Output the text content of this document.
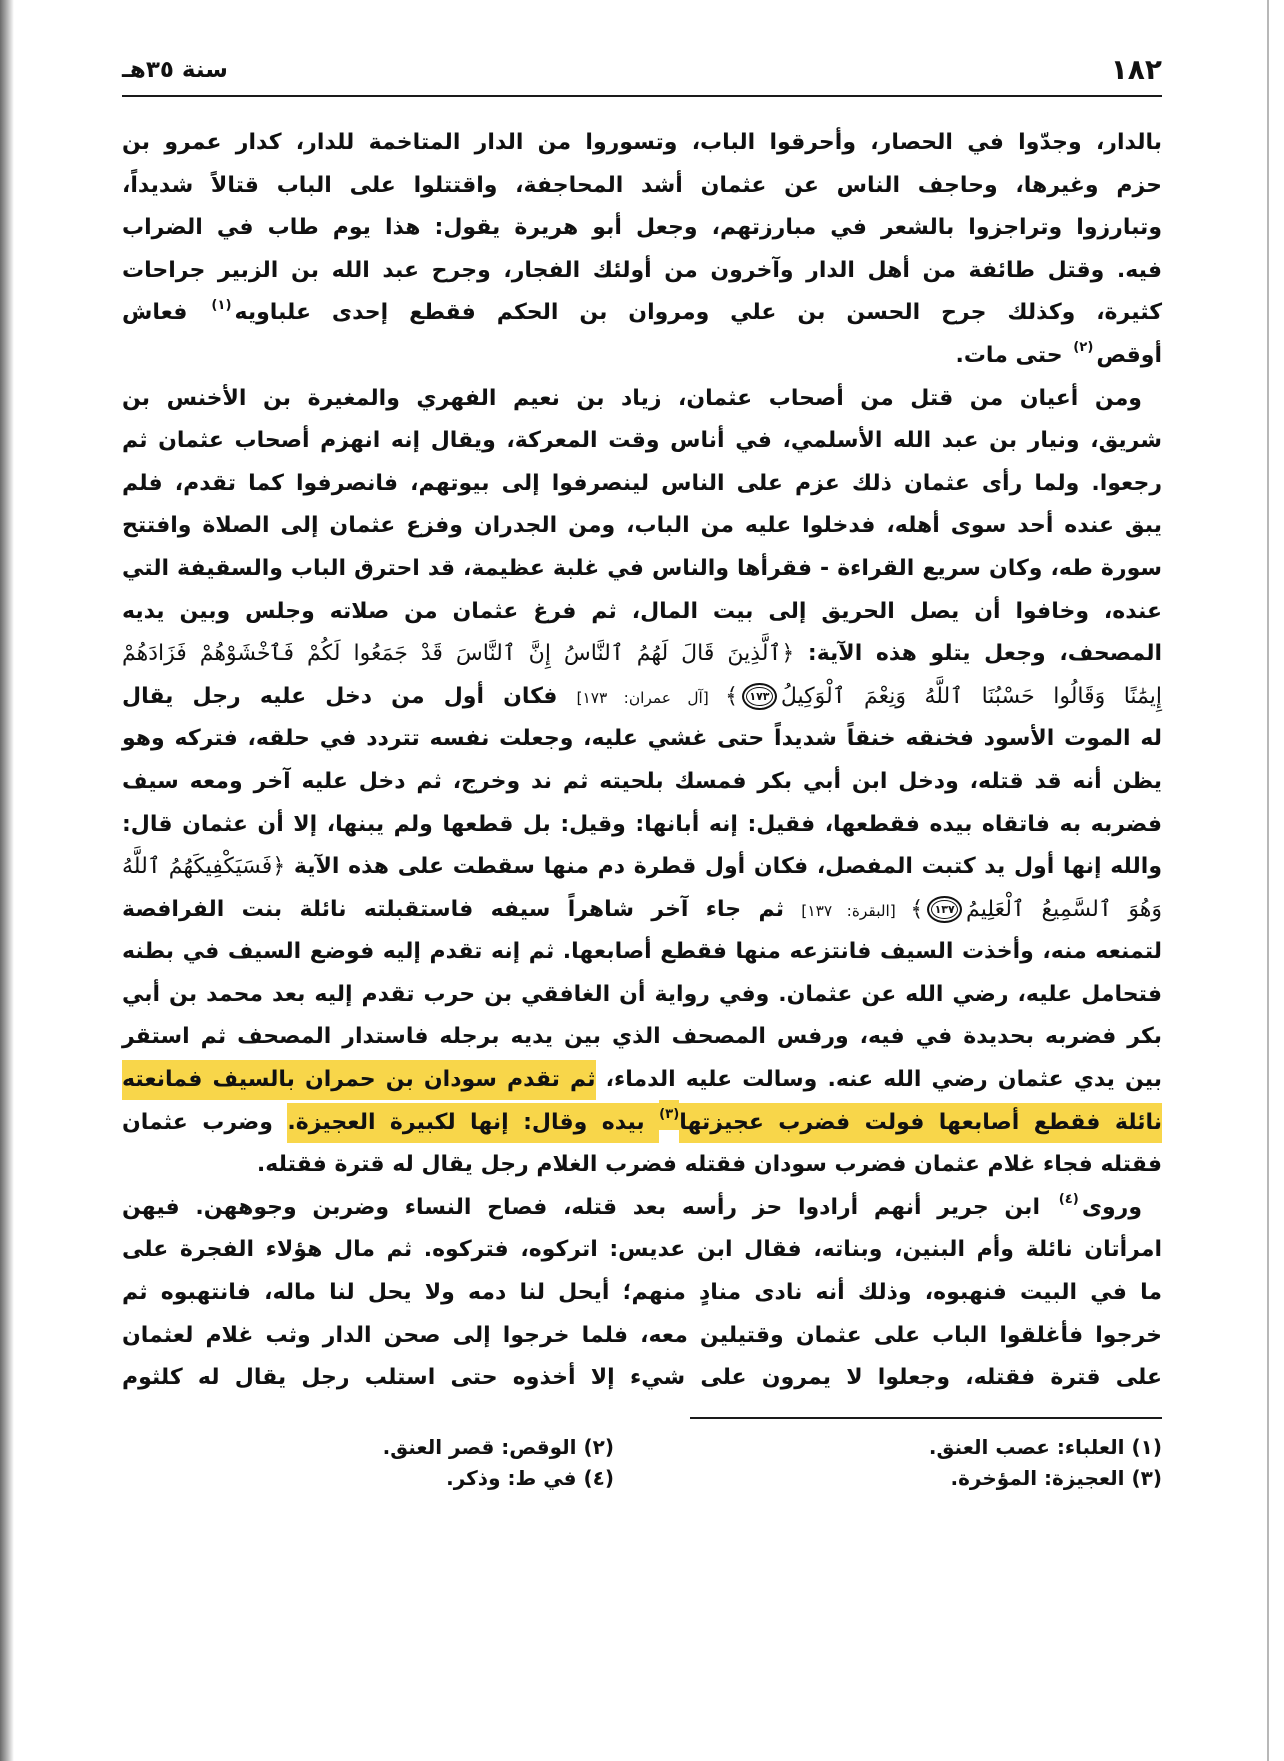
١٨٢
سنة ٣٥هـ
بالدار، وجدّوا في الحصار، وأحرقوا الباب، وتسوروا من الدار المتاخمة للدار، كدار عمرو بن
حزم وغيرها، وحاجف الناس عن عثمان أشد المحاجفة، واقتتلوا على الباب قتالاً شديداً،
وتبارزوا وتراجزوا بالشعر في مبارزتهم، وجعل أبو هريرة يقول: هذا يوم طاب في الضراب
فيه. وقتل طائفة من أهل الدار وآخرون من أولئك الفجار، وجرح عبد الله بن الزبير جراحات
كثيرة، وكذلك جرح الحسن بن علي ومروان بن الحكم فقطع إحدى علباويه$^{(١)}$ فعاش
أوقص$^{(٢)}$ حتى مات.
ومن أعيان من قتل من أصحاب عثمان، زياد بن نعيم الفهري والمغيرة بن الأخنس بن
شريق، ونيار بن عبد الله الأسلمي، في أناس وقت المعركة، ويقال إنه انهزم أصحاب عثمان ثم
رجعوا. ولما رأى عثمان ذلك عزم على الناس لينصرفوا إلى بيوتهم، فانصرفوا كما تقدم، فلم
يبق عنده أحد سوى أهله، فدخلوا عليه من الباب، ومن الجدران وفزع عثمان إلى الصلاة وافتتح
سورة طه، وكان سريع القراءة - فقرأها والناس في غلبة عظيمة، قد احترق الباب والسقيفة التي
عنده، وخافوا أن يصل الحريق إلى بيت المال، ثم فرغ عثمان من صلاته وجلس وبين يديه
المصحف، وجعل يتلو هذه الآية: ﴿ٱلَّذِينَ قَالَ لَهُمُ ٱلنَّاسُ إِنَّ ٱلنَّاسَ قَدْ جَمَعُوا لَكُمْ فَٱخْشَوْهُمْ فَزَادَهُمْ
إِيمَٰنًا وَقَالُوا حَسْبُنَا ٱللَّهُ وَنِعْمَ ٱلْوَكِيلُ١٧٣﴾ [آل عمران: ١٧٣] فكان أول من دخل عليه رجل يقال
له الموت الأسود فخنقه خنقاً شديداً حتى غشي عليه، وجعلت نفسه تتردد في حلقه، فتركه وهو
يظن أنه قد قتله، ودخل ابن أبي بكر فمسك بلحيته ثم ند وخرج، ثم دخل عليه آخر ومعه سيف
فضربه به فاتقاه بيده فقطعها، فقيل: إنه أبانها: وقيل: بل قطعها ولم يبنها، إلا أن عثمان قال:
والله إنها أول يد كتبت المفصل، فكان أول قطرة دم منها سقطت على هذه الآية ﴿فَسَيَكْفِيكَهُمُ ٱللَّهُ
وَهُوَ ٱلسَّمِيعُ ٱلْعَلِيمُ١٣٧﴾ [البقرة: ١٣٧] ثم جاء آخر شاهراً سيفه فاستقبلته نائلة بنت الفرافصة
لتمنعه منه، وأخذت السيف فانتزعه منها فقطع أصابعها. ثم إنه تقدم إليه فوضع السيف في بطنه
فتحامل عليه، رضي الله عن عثمان. وفي رواية أن الغافقي بن حرب تقدم إليه بعد محمد بن أبي
بكر فضربه بحديدة في فيه، ورفس المصحف الذي بين يديه برجله فاستدار المصحف ثم استقر
بين يدي عثمان رضي الله عنه. وسالت عليه الدماء، ثم تقدم سودان بن حمران بالسيف فمانعته
نائلة فقطع أصابعها فولت فضرب عجيزتها$^{(٣)}$ بيده وقال: إنها لكبيرة العجيزة. وضرب عثمان
فقتله فجاء غلام عثمان فضرب سودان فقتله فضرب الغلام رجل يقال له قترة فقتله.
وروى$^{(٤)}$ ابن جرير أنهم أرادوا حز رأسه بعد قتله، فصاح النساء وضربن وجوههن. فيهن
امرأتان نائلة وأم البنين، وبناته، فقال ابن عديس: اتركوه، فتركوه. ثم مال هؤلاء الفجرة على
ما في البيت فنهبوه، وذلك أنه نادى منادٍ منهم؛ أيحل لنا دمه ولا يحل لنا ماله، فانتهبوه ثم
خرجوا فأغلقوا الباب على عثمان وقتيلين معه، فلما خرجوا إلى صحن الدار وثب غلام لعثمان
على قترة فقتله، وجعلوا لا يمرون على شيء إلا أخذوه حتى استلب رجل يقال له كلثوم
(١) العلباء: عصب العنق.
(٢) الوقص: قصر العنق.
(٣) العجيزة: المؤخرة.
(٤) في ط: وذكر.
